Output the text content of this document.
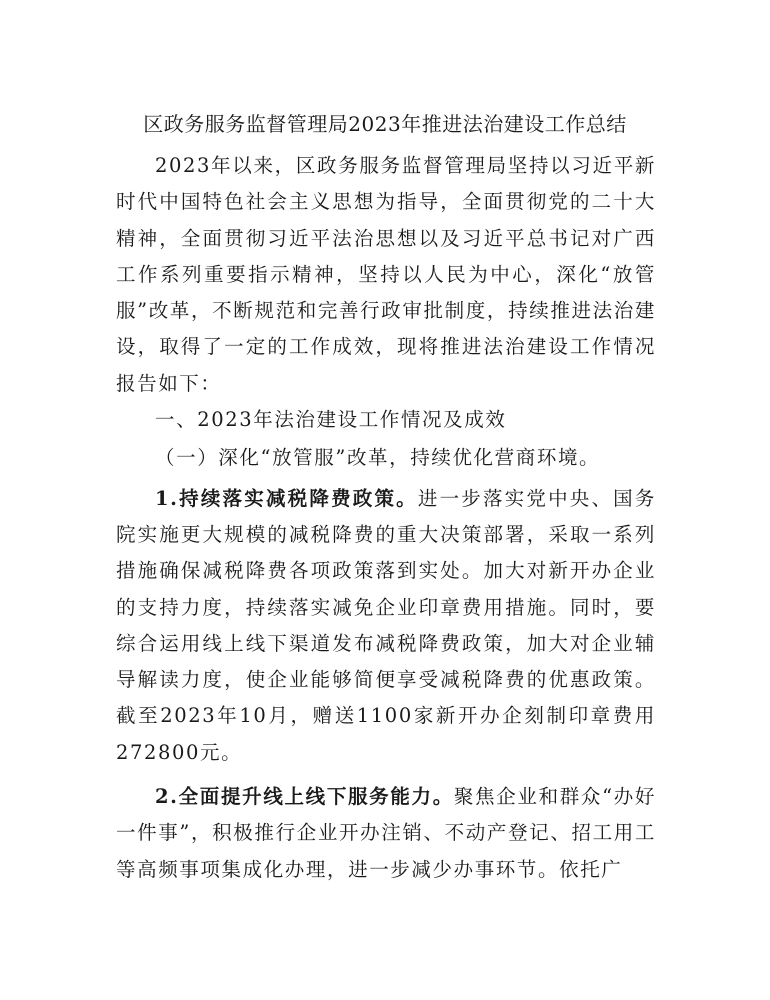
区政务服务监督管理局2023年推进法治建设工作总结

2023年以来，区政务服务监督管理局坚持以习近平新时代中国特色社会主义思想为指导，全面贯彻党的二十大精神，全面贯彻习近平法治思想以及习近平总书记对广西工作系列重要指示精神，坚持以人民为中心，深化“放管服”改革，不断规范和完善行政审批制度，持续推进法治建设，取得了一定的工作成效，现将推进法治建设工作情况报告如下：

一、2023年法治建设工作情况及成效

（一）深化“放管服”改革，持续优化营商环境。

1.持续落实减税降费政策。进一步落实党中央、国务院实施更大规模的减税降费的重大决策部署，采取一系列措施确保减税降费各项政策落到实处。加大对新开办企业的支持力度，持续落实减免企业印章费用措施。同时，要综合运用线上线下渠道发布减税降费政策，加大对企业辅导解读力度，使企业能够简便享受减税降费的优惠政策。截至2023年10月，赠送1100家新开办企刻制印章费用272800元。

2.全面提升线上线下服务能力。聚焦企业和群众“办好一件事”，积极推行企业开办注销、不动产登记、招工用工等高频事项集成化办理，进一步减少办事环节。依托广
